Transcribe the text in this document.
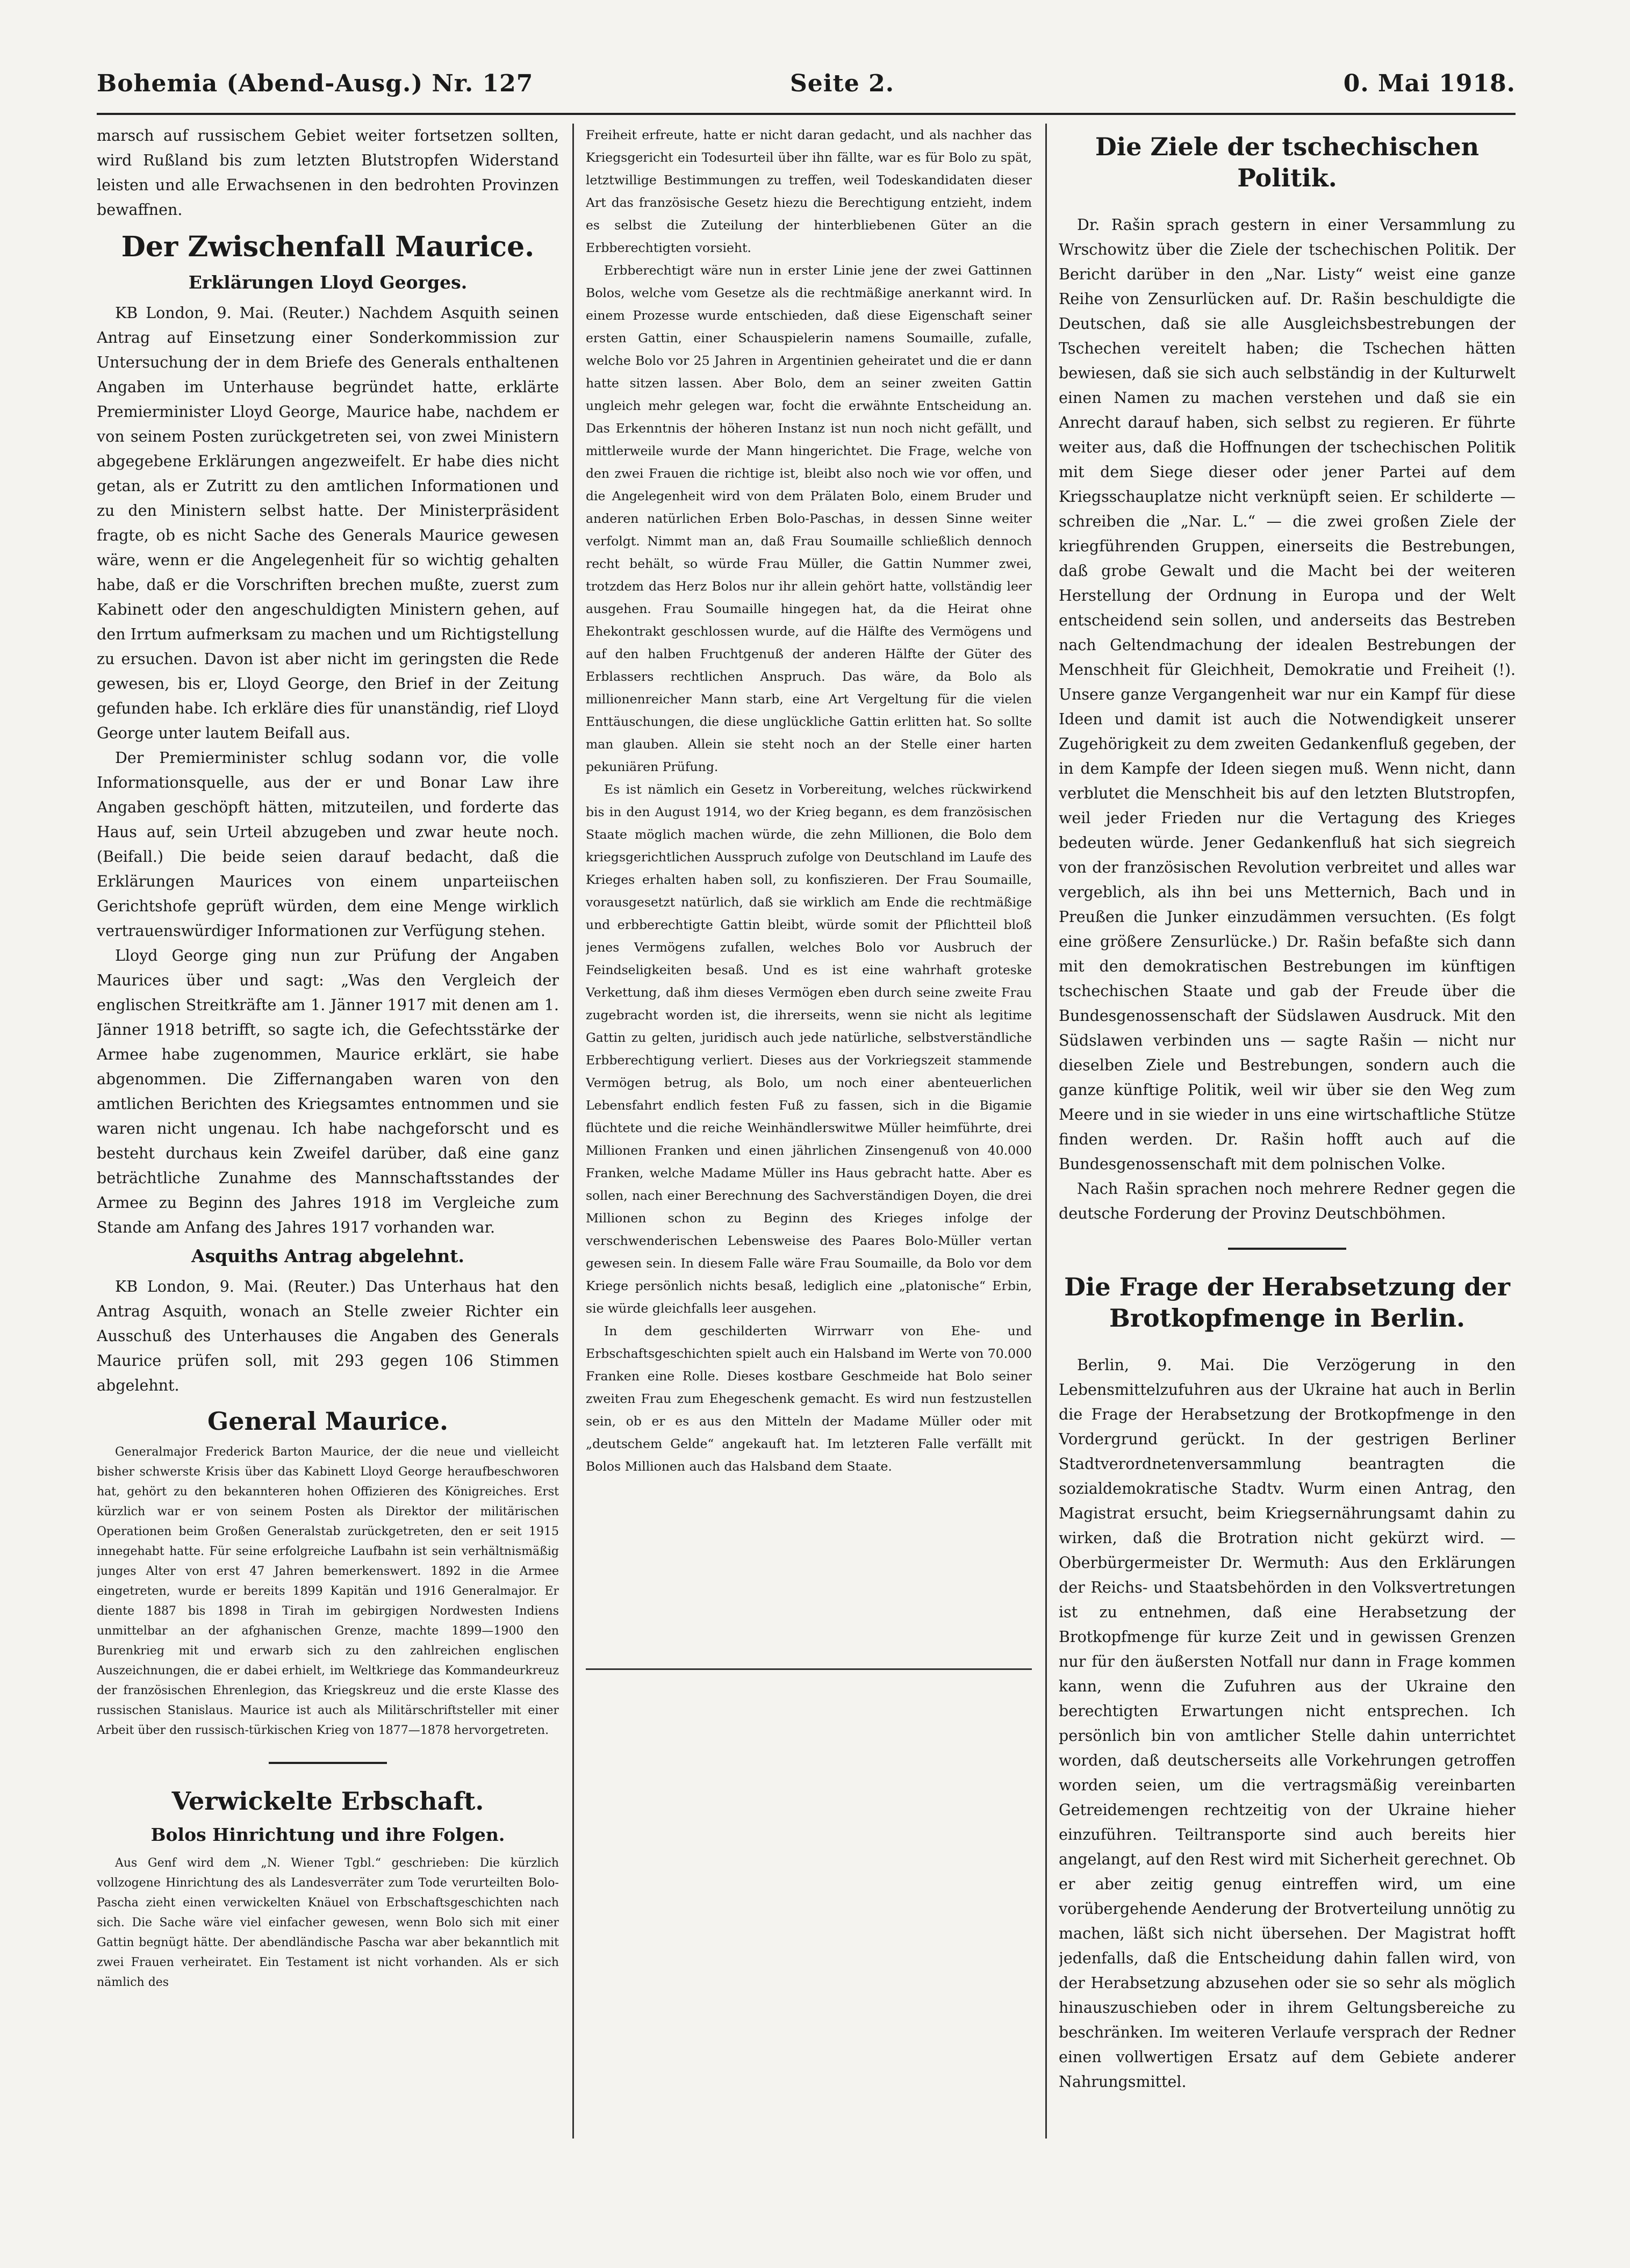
Bohemia (Abend-Ausg.) Nr. 127	Seite 2.	0. Mai 1918.

marsch auf russischem Gebiet weiter fortsetzen sollten, wird Rußland bis zum letzten Blutstropfen Widerstand leisten und alle Erwachsenen in den bedrohten Provinzen bewaffnen.

Der Zwischenfall Maurice.
Erklärungen Lloyd Georges.

KB London, 9. Mai. (Reuter.) Nachdem Asquith seinen Antrag auf Einsetzung einer Sonderkommission zur Untersuchung der in dem Briefe des Generals enthaltenen Angaben im Unterhause begründet hatte, erklärte Premierminister Lloyd George, Maurice habe, nachdem er von seinem Posten zurückgetreten sei, von zwei Ministern abgegebene Erklärungen angezweifelt. Er habe dies nicht getan, als er Zutritt zu den amtlichen Informationen und zu den Ministern selbst hatte. Der Ministerpräsident fragte, ob es nicht Sache des Generals Maurice gewesen wäre, wenn er die Angelegenheit für so wichtig gehalten habe, daß er die Vorschriften brechen mußte, zuerst zum Kabinett oder den angeschuldigten Ministern gehen, auf den Irrtum aufmerksam zu machen und um Richtigstellung zu ersuchen. Davon ist aber nicht im geringsten die Rede gewesen, bis er, Lloyd George, den Brief in der Zeitung gefunden habe. Ich erkläre dies für unanständig, rief Lloyd George unter lautem Beifall aus.

Der Premierminister schlug sodann vor, die volle Informationsquelle, aus der er und Bonar Law ihre Angaben geschöpft hätten, mitzuteilen, und forderte das Haus auf, sein Urteil abzugeben und zwar heute noch. (Beifall.) Die beide seien darauf bedacht, daß die Erklärungen Maurices von einem unparteiischen Gerichtshofe geprüft würden, dem eine Menge wirklich vertrauenswürdiger Informationen zur Verfügung stehen.

Lloyd George ging nun zur Prüfung der Angaben Maurices über und sagt: „Was den Vergleich der englischen Streitkräfte am 1. Jänner 1917 mit denen am 1. Jänner 1918 betrifft, so sagte ich, die Gefechtsstärke der Armee habe zugenommen, Maurice erklärt, sie habe abgenommen. Die Ziffernangaben waren von den amtlichen Berichten des Kriegsamtes entnommen und sie waren nicht ungenau. Ich habe nachgeforscht und es besteht durchaus kein Zweifel darüber, daß eine ganz beträchtliche Zunahme des Mannschaftsstandes der Armee zu Beginn des Jahres 1918 im Vergleiche zum Stande am Anfang des Jahres 1917 vorhanden war.

Asquiths Antrag abgelehnt.

KB London, 9. Mai. (Reuter.) Das Unterhaus hat den Antrag Asquith, wonach an Stelle zweier Richter ein Ausschuß des Unterhauses die Angaben des Generals Maurice prüfen soll, mit 293 gegen 106 Stimmen abgelehnt.

General Maurice.

Generalmajor Frederick Barton Maurice, der die neue und vielleicht bisher schwerste Krisis über das Kabinett Lloyd George heraufbeschworen hat, gehört zu den bekannteren hohen Offizieren des Königreiches. Erst kürzlich war er von seinem Posten als Direktor der militärischen Operationen beim Großen Generalstab zurückgetreten, den er seit 1915 innegehabt hatte. Für seine erfolgreiche Laufbahn ist sein verhältnismäßig junges Alter von erst 47 Jahren bemerkenswert. 1892 in die Armee eingetreten, wurde er bereits 1899 Kapitän und 1916 Generalmajor. Er diente 1887 bis 1898 in Tirah im gebirgigen Nordwesten Indiens unmittelbar an der afghanischen Grenze, machte 1899—1900 den Burenkrieg mit und erwarb sich zu den zahlreichen englischen Auszeichnungen, die er dabei erhielt, im Weltkriege das Kommandeurkreuz der französischen Ehrenlegion, das Kriegskreuz und die erste Klasse des russischen Stanislaus. Maurice ist auch als Militärschriftsteller mit einer Arbeit über den russisch-türkischen Krieg von 1877—1878 hervorgetreten.

Verwickelte Erbschaft.
Bolos Hinrichtung und ihre Folgen.

Aus Genf wird dem „N. Wiener Tgbl.“ geschrieben: Die kürzlich vollzogene Hinrichtung des als Landesverräter zum Tode verurteilten Bolo-Pascha zieht einen verwickelten Knäuel von Erbschaftsgeschichten nach sich. Die Sache wäre viel einfacher gewesen, wenn Bolo sich mit einer Gattin begnügt hätte. Der abendländische Pascha war aber bekanntlich mit zwei Frauen verheiratet. Ein Testament ist nicht vorhanden. Als er sich nämlich des

Freiheit erfreute, hatte er nicht daran gedacht, und als nachher das Kriegsgericht ein Todesurteil über ihn fällte, war es für Bolo zu spät, letztwillige Bestimmungen zu treffen, weil Todeskandidaten dieser Art das französische Gesetz hiezu die Berechtigung entzieht, indem es selbst die Zuteilung der hinterbliebenen Güter an die Erbberechtigten vorsieht.

Erbberechtigt wäre nun in erster Linie jene der zwei Gattinnen Bolos, welche vom Gesetze als die rechtmäßige anerkannt wird. In einem Prozesse wurde entschieden, daß diese Eigenschaft seiner ersten Gattin, einer Schauspielerin namens Soumaille, zufalle, welche Bolo vor 25 Jahren in Argentinien geheiratet und die er dann hatte sitzen lassen. Aber Bolo, dem an seiner zweiten Gattin ungleich mehr gelegen war, focht die erwähnte Entscheidung an. Das Erkenntnis der höheren Instanz ist nun noch nicht gefällt, und mittlerweile wurde der Mann hingerichtet. Die Frage, welche von den zwei Frauen die richtige ist, bleibt also noch wie vor offen, und die Angelegenheit wird von dem Prälaten Bolo, einem Bruder und anderen natürlichen Erben Bolo-Paschas, in dessen Sinne weiter verfolgt. Nimmt man an, daß Frau Soumaille schließlich dennoch recht behält, so würde Frau Müller, die Gattin Nummer zwei, trotzdem das Herz Bolos nur ihr allein gehört hatte, vollständig leer ausgehen. Frau Soumaille hingegen hat, da die Heirat ohne Ehekontrakt geschlossen wurde, auf die Hälfte des Vermögens und auf den halben Fruchtgenuß der anderen Hälfte der Güter des Erblassers rechtlichen Anspruch. Das wäre, da Bolo als millionenreicher Mann starb, eine Art Vergeltung für die vielen Enttäuschungen, die diese unglückliche Gattin erlitten hat. So sollte man glauben. Allein sie steht noch an der Stelle einer harten pekuniären Prüfung.

Es ist nämlich ein Gesetz in Vorbereitung, welches rückwirkend bis in den August 1914, wo der Krieg begann, es dem französischen Staate möglich machen würde, die zehn Millionen, die Bolo dem kriegsgerichtlichen Ausspruch zufolge von Deutschland im Laufe des Krieges erhalten haben soll, zu konfiszieren. Der Frau Soumaille, vorausgesetzt natürlich, daß sie wirklich am Ende die rechtmäßige und erbberechtigte Gattin bleibt, würde somit der Pflichtteil bloß jenes Vermögens zufallen, welches Bolo vor Ausbruch der Feindseligkeiten besaß. Und es ist eine wahrhaft groteske Verkettung, daß ihm dieses Vermögen eben durch seine zweite Frau zugebracht worden ist, die ihrerseits, wenn sie nicht als legitime Gattin zu gelten, juridisch auch jede natürliche, selbstverständliche Erbberechtigung verliert. Dieses aus der Vorkriegszeit stammende Vermögen betrug, als Bolo, um noch einer abenteuerlichen Lebensfahrt endlich festen Fuß zu fassen, sich in die Bigamie flüchtete und die reiche Weinhändlerswitwe Müller heimführte, drei Millionen Franken und einen jährlichen Zinsengenuß von 40.000 Franken, welche Madame Müller ins Haus gebracht hatte. Aber es sollen, nach einer Berechnung des Sachverständigen Doyen, die drei Millionen schon zu Beginn des Krieges infolge der verschwenderischen Lebensweise des Paares Bolo-Müller vertan gewesen sein. In diesem Falle wäre Frau Soumaille, da Bolo vor dem Kriege persönlich nichts besaß, lediglich eine „platonische“ Erbin, sie würde gleichfalls leer ausgehen.

In dem geschilderten Wirrwarr von Ehe- und Erbschaftsgeschichten spielt auch ein Halsband im Werte von 70.000 Franken eine Rolle. Dieses kostbare Geschmeide hat Bolo seiner zweiten Frau zum Ehegeschenk gemacht. Es wird nun festzustellen sein, ob er es aus den Mitteln der Madame Müller oder mit „deutschem Gelde“ angekauft hat. Im letzteren Falle verfällt mit Bolos Millionen auch das Halsband dem Staate.

Die Ziele der tschechischen Politik.

Dr. Rašin sprach gestern in einer Versammlung zu Wrschowitz über die Ziele der tschechischen Politik. Der Bericht darüber in den „Nar. Listy“ weist eine ganze Reihe von Zensurlücken auf. Dr. Rašin beschuldigte die Deutschen, daß sie alle Ausgleichsbestrebungen der Tschechen vereitelt haben; die Tschechen hätten bewiesen, daß sie sich auch selbständig in der Kulturwelt einen Namen zu machen verstehen und daß sie ein Anrecht darauf haben, sich selbst zu regieren. Er führte weiter aus, daß die Hoffnungen der tschechischen Politik mit dem Siege dieser oder jener Partei auf dem Kriegsschauplatze nicht verknüpft seien. Er schilderte — schreiben die „Nar. L.“ — die zwei großen Ziele der kriegführenden Gruppen, einerseits die Bestrebungen, daß grobe Gewalt und die Macht bei der weiteren Herstellung der Ordnung in Europa und der Welt entscheidend sein sollen, und anderseits das Bestreben nach Geltendmachung der idealen Bestrebungen der Menschheit für Gleichheit, Demokratie und Freiheit (!). Unsere ganze Vergangenheit war nur ein Kampf für diese Ideen und damit ist auch die Notwendigkeit unserer Zugehörigkeit zu dem zweiten Gedankenfluß gegeben, der in dem Kampfe der Ideen siegen muß. Wenn nicht, dann verblutet die Menschheit bis auf den letzten Blutstropfen, weil jeder Frieden nur die Vertagung des Krieges bedeuten würde. Jener Gedankenfluß hat sich siegreich von der französischen Revolution verbreitet und alles war vergeblich, als ihn bei uns Metternich, Bach und in Preußen die Junker einzudämmen versuchten. (Es folgt eine größere Zensurlücke.) Dr. Rašin befaßte sich dann mit den demokratischen Bestrebungen im künftigen tschechischen Staate und gab der Freude über die Bundesgenossenschaft der Südslawen Ausdruck. Mit den Südslawen verbinden uns — sagte Rašin — nicht nur dieselben Ziele und Bestrebungen, sondern auch die ganze künftige Politik, weil wir über sie den Weg zum Meere und in sie wieder in uns eine wirtschaftliche Stütze finden werden. Dr. Rašin hofft auch auf die Bundesgenossenschaft mit dem polnischen Volke.

Nach Rašin sprachen noch mehrere Redner gegen die deutsche Forderung der Provinz Deutschböhmen.

Die Frage der Herabsetzung der Brotkopfmenge in Berlin.

Berlin, 9. Mai. Die Verzögerung in den Lebensmittelzufuhren aus der Ukraine hat auch in Berlin die Frage der Herabsetzung der Brotkopfmenge in den Vordergrund gerückt. In der gestrigen Berliner Stadtverordnetenversammlung beantragten die sozialdemokratische Stadtv. Wurm einen Antrag, den Magistrat ersucht, beim Kriegsernährungsamt dahin zu wirken, daß die Brotration nicht gekürzt wird. — Oberbürgermeister Dr. Wermuth: Aus den Erklärungen der Reichs- und Staatsbehörden in den Volksvertretungen ist zu entnehmen, daß eine Herabsetzung der Brotkopfmenge für kurze Zeit und in gewissen Grenzen nur für den äußersten Notfall nur dann in Frage kommen kann, wenn die Zufuhren aus der Ukraine den berechtigten Erwartungen nicht entsprechen. Ich persönlich bin von amtlicher Stelle dahin unterrichtet worden, daß deutscherseits alle Vorkehrungen getroffen worden seien, um die vertragsmäßig vereinbarten Getreidemengen rechtzeitig von der Ukraine hieher einzuführen. Teiltransporte sind auch bereits hier angelangt, auf den Rest wird mit Sicherheit gerechnet. Ob er aber zeitig genug eintreffen wird, um eine vorübergehende Aenderung der Brotverteilung unnötig zu machen, läßt sich nicht übersehen. Der Magistrat hofft jedenfalls, daß die Entscheidung dahin fallen wird, von der Herabsetzung abzusehen oder sie so sehr als möglich hinauszuschieben oder in ihrem Geltungsbereiche zu beschränken. Im weiteren Verlaufe versprach der Redner einen vollwertigen Ersatz auf dem Gebiete anderer Nahrungsmittel.
